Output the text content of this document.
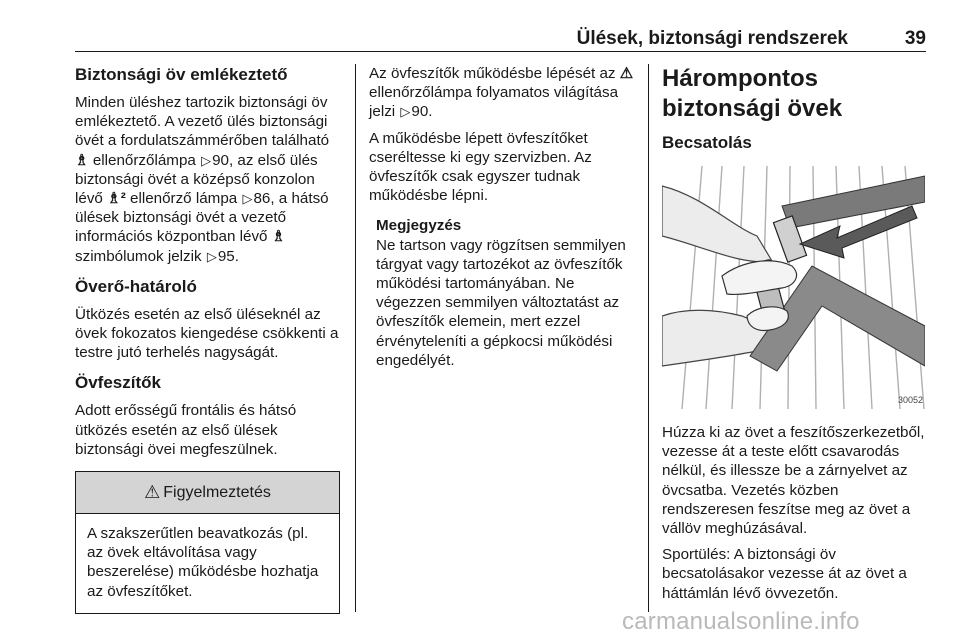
Ülések, biztonsági rendszerek	39
Biztonsági öv emlékeztető

Minden üléshez tartozik biztonsági öv emlékeztető. A vezető ülés biztonsági övét a fordulatszámmérőben található ♗ ellenőrzőlámpa ▷90, az első ülés biztonsági övét a középső konzolon lévő ♗² ellenőrző lámpa ▷86, a hátsó ülések biztonsági övét a vezető információs központban lévő ♗ szimbólumok jelzik ▷95.

Överő-határoló

Ütközés esetén az első üléseknél az övek fokozatos kiengedése csökkenti a testre jutó terhelés nagyságát.

Övfeszítők

Adott erősségű frontális és hátsó ütközés esetén az első ülések biztonsági övei megfeszülnek.

⚠ Figyelmeztetés
A szakszerűtlen beavatkozás (pl. az övek eltávolítása vagy beszerelése) működésbe hozhatja az övfeszítőket.

Az övfeszítők működésbe lépését az ⚠ ellenőrzőlámpa folyamatos világítása jelzi ▷90.

A működésbe lépett övfeszítőket cseréltesse ki egy szervizben. Az övfeszítők csak egyszer tudnak működésbe lépni.

Megjegyzés
Ne tartson vagy rögzítsen semmilyen tárgyat vagy tartozékot az övfeszítők működési tartományában. Ne végezzen semmilyen változtatást az övfeszítők elemein, mert ezzel érvényteleníti a gépkocsi működési engedélyét.
Hárompontos biztonsági övek
Becsatolás
30052

Húzza ki az övet a feszítőszerkezetből, vezesse át a teste előtt csavarodás nélkül, és illessze be a zárnyelvet az övcsatba. Vezetés közben rendszeresen feszítse meg az övet a vállöv meghúzásával.

Sportülés: A biztonsági öv becsatolásakor vezesse át az övet a háttámlán lévő övvezetőn.

carmanualsonline.info
